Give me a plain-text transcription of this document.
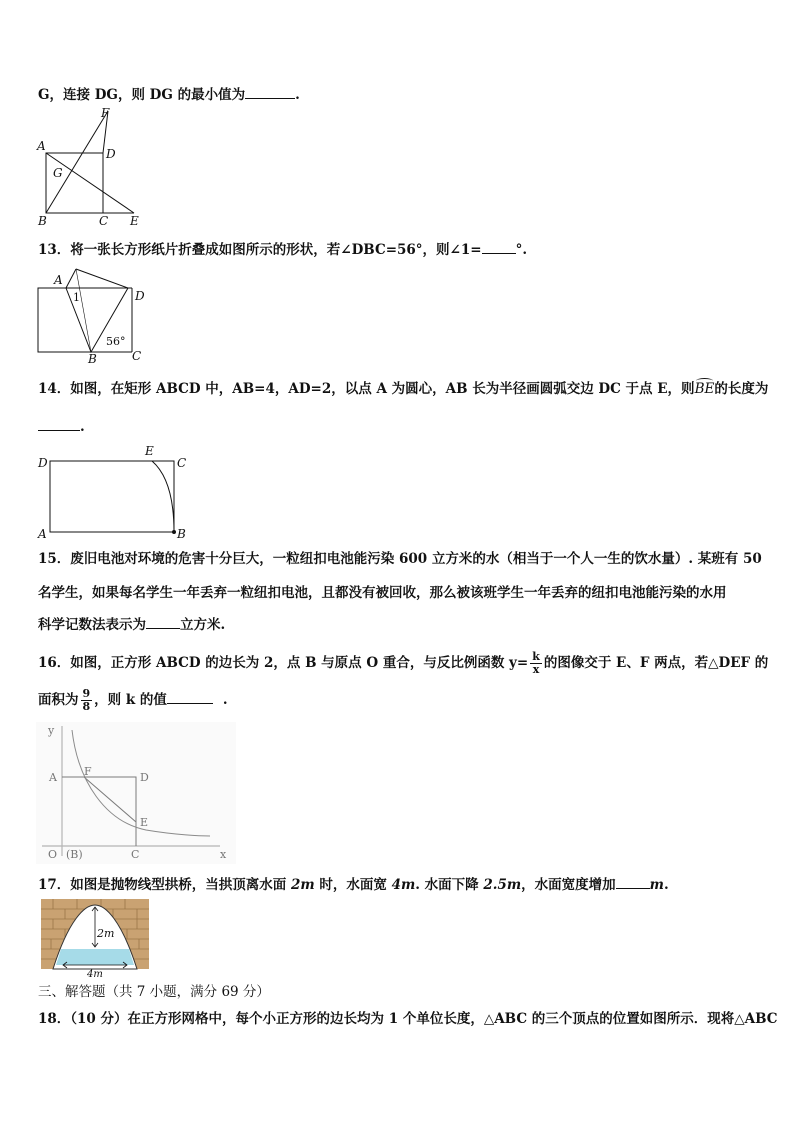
G，连接 DG，则 DG 的最小值为	.
A
B	C
D
E
F
G
13．将一张长方形纸片折叠成如图所示的形状，若∠DBC=56°，则∠1=	°.
A
B	C
D
1
56°
14．如图，在矩形 ABCD 中，AB=4，AD=2，以点 A 为圆心，AB 长为半径画圆弧交边 DC 于点 E，则BE的长度为
.
A	B
C
D
E
15．废旧电池对环境的危害十分巨大，一粒纽扣电池能污染 600 立方米的水（相当于一个人一生的饮水量）. 某班有 50
名学生，如果每名学生一年丢弃一粒纽扣电池，且都没有被回收，那么被该班学生一年丢弃的纽扣电池能污染的水用
科学记数法表示为	立方米.
16．如图，正方形 ABCD 的边长为 2，点 B 与原点 O 重合，与反比例函数 $y= \frac{k}{x}$ 的图像交于 E、F 两点，若△DEF 的
面积为 $\frac{9}{8}$ ，则 k 的值	.
y
x
A F	D
E
O (B)	C
17．如图是抛物线型拱桥，当拱顶离水面 2m 时，水面宽 4m. 水面下降 2.5m，水面宽度增加	m.
2m
4m
三、解答题（共 7 小题，满分 69 分）
18．（10 分）在正方形网格中，每个小正方形的边长均为 1 个单位长度，△ABC 的三个顶点的位置如图所示．现将△ABC
